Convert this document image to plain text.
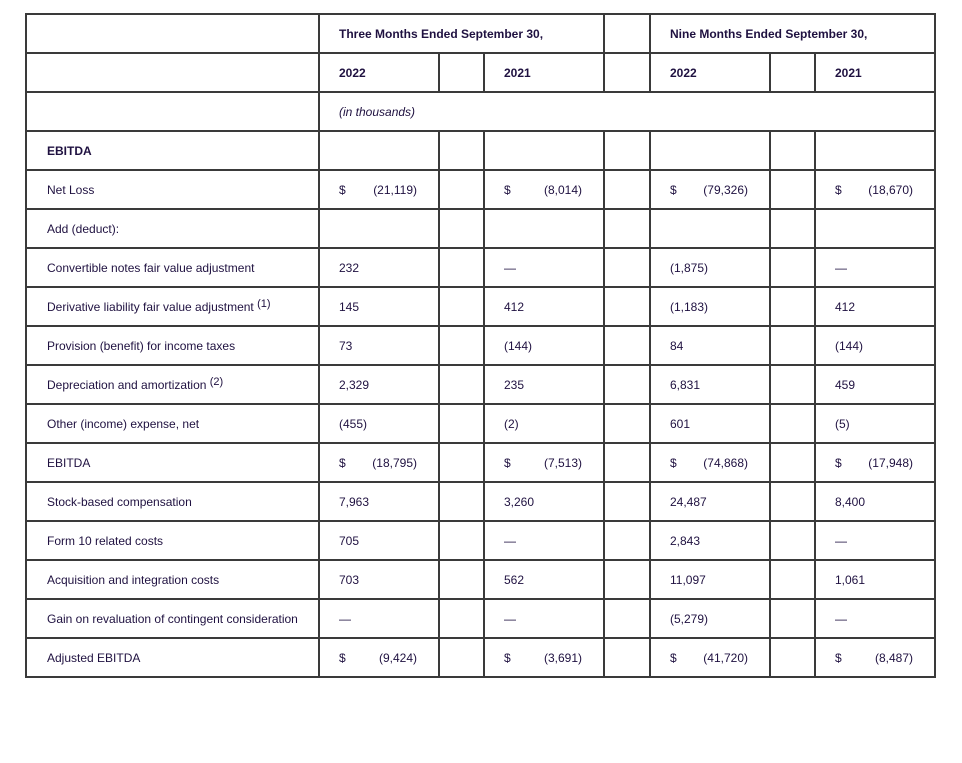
	Three Months Ended September 30,				Nine Months Ended September 30,		
	2022		2021		2022		2021
	(in thousands)						
EBITDA							
Net Loss	$ (21,119)		$ (8,014)		$ (79,326)		$ (18,670)
Add (deduct):							
Convertible notes fair value adjustment	232		—		(1,875)		—
Derivative liability fair value adjustment $^{(1)}$	145		412		(1,183)		412
Provision (benefit) for income taxes	73		(144)		84		(144)
Depreciation and amortization $^{(2)}$	2,329		235		6,831		459
Other (income) expense, net	(455)		(2)		601		(5)
EBITDA	$ (18,795)		$ (7,513)		$ (74,868)		$ (17,948)
Stock-based compensation	7,963		3,260		24,487		8,400
Form 10 related costs	705		—		2,843		—
Acquisition and integration costs	703		562		11,097		1,061
Gain on revaluation of contingent consideration	—		—		(5,279)		—
Adjusted EBITDA	$ (9,424)		$ (3,691)		$ (41,720)		$ (8,487)
